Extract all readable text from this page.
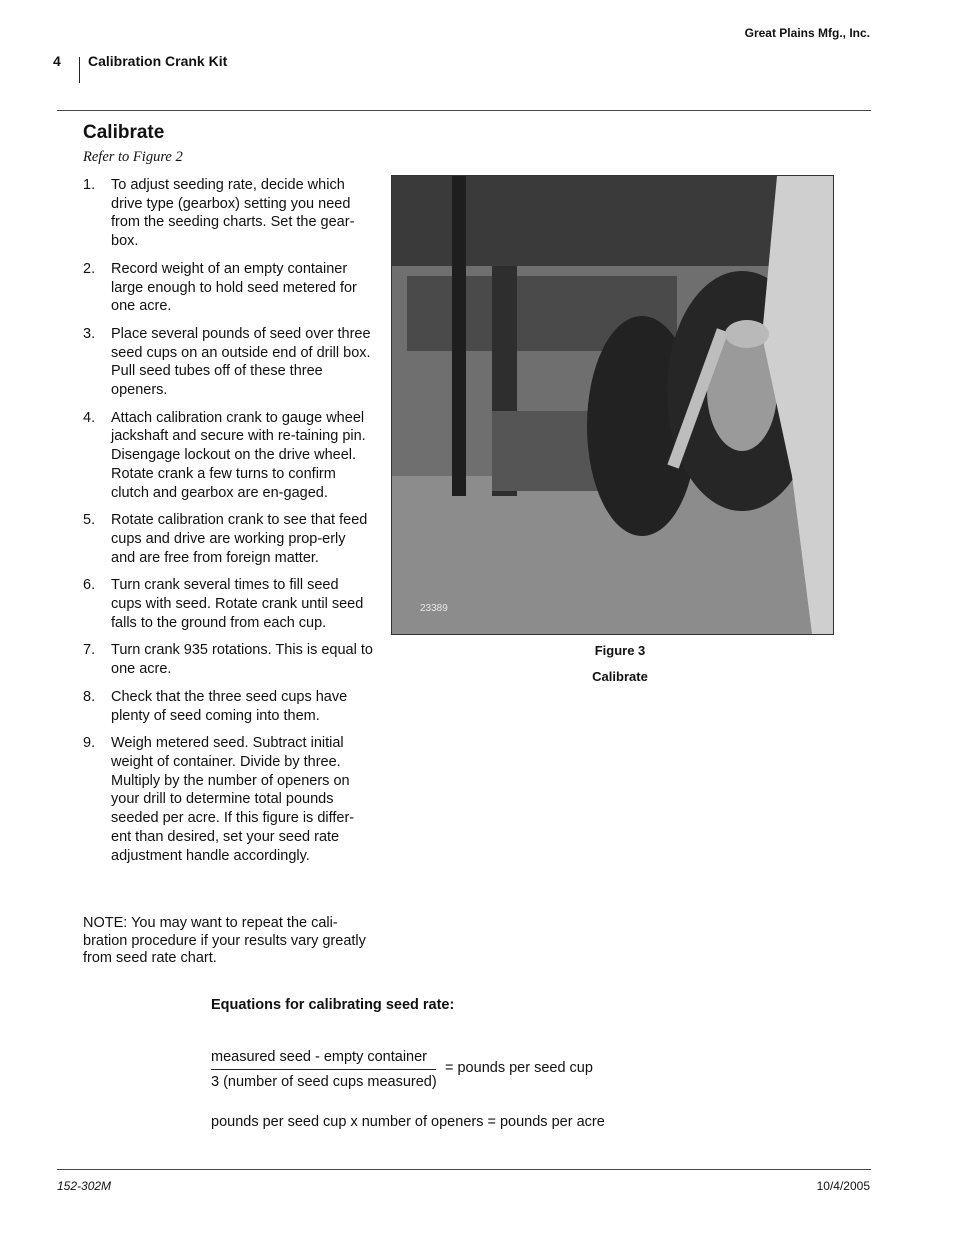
Great Plains Mfg., Inc.
4 Calibration Crank Kit
Calibrate
Refer to Figure 2
1.	To adjust seeding rate, decide which drive type (gearbox) setting you need from the seeding charts. Set the gear-box.
2.	Record weight of an empty container large enough to hold seed metered for one acre.
3.	Place several pounds of seed over three seed cups on an outside end of drill box. Pull seed tubes off of these three openers.
4.	Attach calibration crank to gauge wheel jackshaft and secure with re-taining pin. Disengage lockout on the drive wheel. Rotate crank a few turns to confirm clutch and gearbox are en-gaged.
5.	Rotate calibration crank to see that feed cups and drive are working prop-erly and are free from foreign matter.
6.	Turn crank several times to fill seed cups with seed. Rotate crank until seed falls to the ground from each cup.
7.	Turn crank 935 rotations. This is equal to one acre.
8.	Check that the three seed cups have plenty of seed coming into them.
9.	Weigh metered seed. Subtract initial weight of container. Divide by three. Multiply by the number of openers on your drill to determine total pounds seeded per acre. If this figure is differ-ent than desired, set your seed rate adjustment handle accordingly.
NOTE: You may want to repeat the cali-bration procedure if your results vary greatly from seed rate chart.
23389
Figure 3
Calibrate
Equations for calibrating seed rate:
measured seed - empty container
3 (number of seed cups measured)
= pounds per seed cup
pounds per seed cup x number of openers = pounds per acre
152-302M	10/4/2005
